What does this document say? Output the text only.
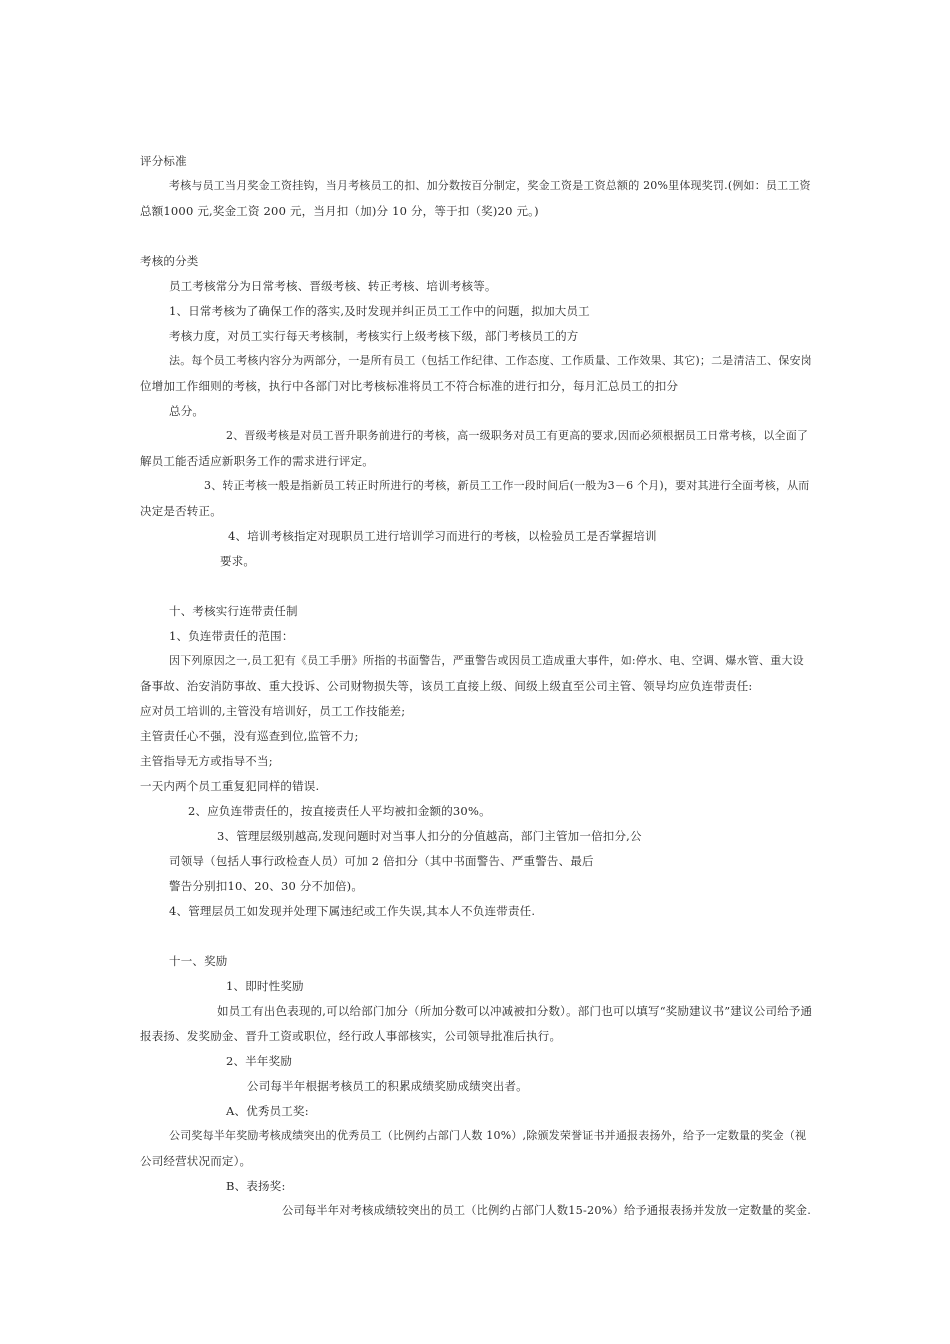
评分标准
考核与员工当月奖金工资挂钩，当月考核员工的扣、加分数按百分制定，奖金工资是工资总额的 20%里体现奖罚.(例如：员工工资
总额1000 元,奖金工资 200 元，当月扣（加)分 10 分，等于扣（奖)20 元。)
考核的分类
员工考核常分为日常考核、晋级考核、转正考核、培训考核等。
1、日常考核为了确保工作的落实,及时发现并纠正员工工作中的问题，拟加大员工
考核力度，对员工实行每天考核制，考核实行上级考核下级，部门考核员工的方
法。每个员工考核内容分为两部分，一是所有员工（包括工作纪律、工作态度、工作质量、工作效果、其它)；二是清洁工、保安岗
位增加工作细则的考核，执行中各部门对比考核标准将员工不符合标准的进行扣分，每月汇总员工的扣分
总分。
2、晋级考核是对员工晋升职务前进行的考核，高一级职务对员工有更高的要求,因而必须根据员工日常考核，以全面了
解员工能否适应新职务工作的需求进行评定。
3、转正考核一般是指新员工转正时所进行的考核，新员工工作一段时间后(一般为3－6 个月)，要对其进行全面考核，从而
决定是否转正。
4、培训考核指定对现职员工进行培训学习而进行的考核，以检验员工是否掌握培训
要求。
十、考核实行连带责任制
1、负连带责任的范围：
因下列原因之一,员工犯有《员工手册》所指的书面警告，严重警告或因员工造成重大事件，如:停水、电、空调、爆水管、重大设
备事故、治安消防事故、重大投诉、公司财物损失等，该员工直接上级、间级上级直至公司主管、领导均应负连带责任:
应对员工培训的,主管没有培训好，员工工作技能差;
主管责任心不强，没有巡查到位,监管不力;
主管指导无方或指导不当;
一天内两个员工重复犯同样的错误.
2、应负连带责任的，按直接责任人平均被扣金额的30%。
3、管理层级别越高,发现问题时对当事人扣分的分值越高，部门主管加一倍扣分,公
司领导（包括人事行政检查人员）可加 2 倍扣分（其中书面警告、严重警告、最后
警告分别扣10、20、30 分不加倍)。
4、管理层员工如发现并处理下属违纪或工作失误,其本人不负连带责任.
十一、奖励
1、即时性奖励
如员工有出色表现的,可以给部门加分（所加分数可以冲减被扣分数）。部门也可以填写“奖励建议书”建议公司给予通
报表扬、发奖励金、晋升工资或职位，经行政人事部核实，公司领导批准后执行。
2、半年奖励
公司每半年根据考核员工的积累成绩奖励成绩突出者。
A、优秀员工奖:
公司奖每半年奖励考核成绩突出的优秀员工（比例约占部门人数 10%）,除颁发荣誉证书并通报表扬外，给予一定数量的奖金（视
公司经营状况而定）。
B、表扬奖:
公司每半年对考核成绩较突出的员工（比例约占部门人数15-20%）给予通报表扬并发放一定数量的奖金.
